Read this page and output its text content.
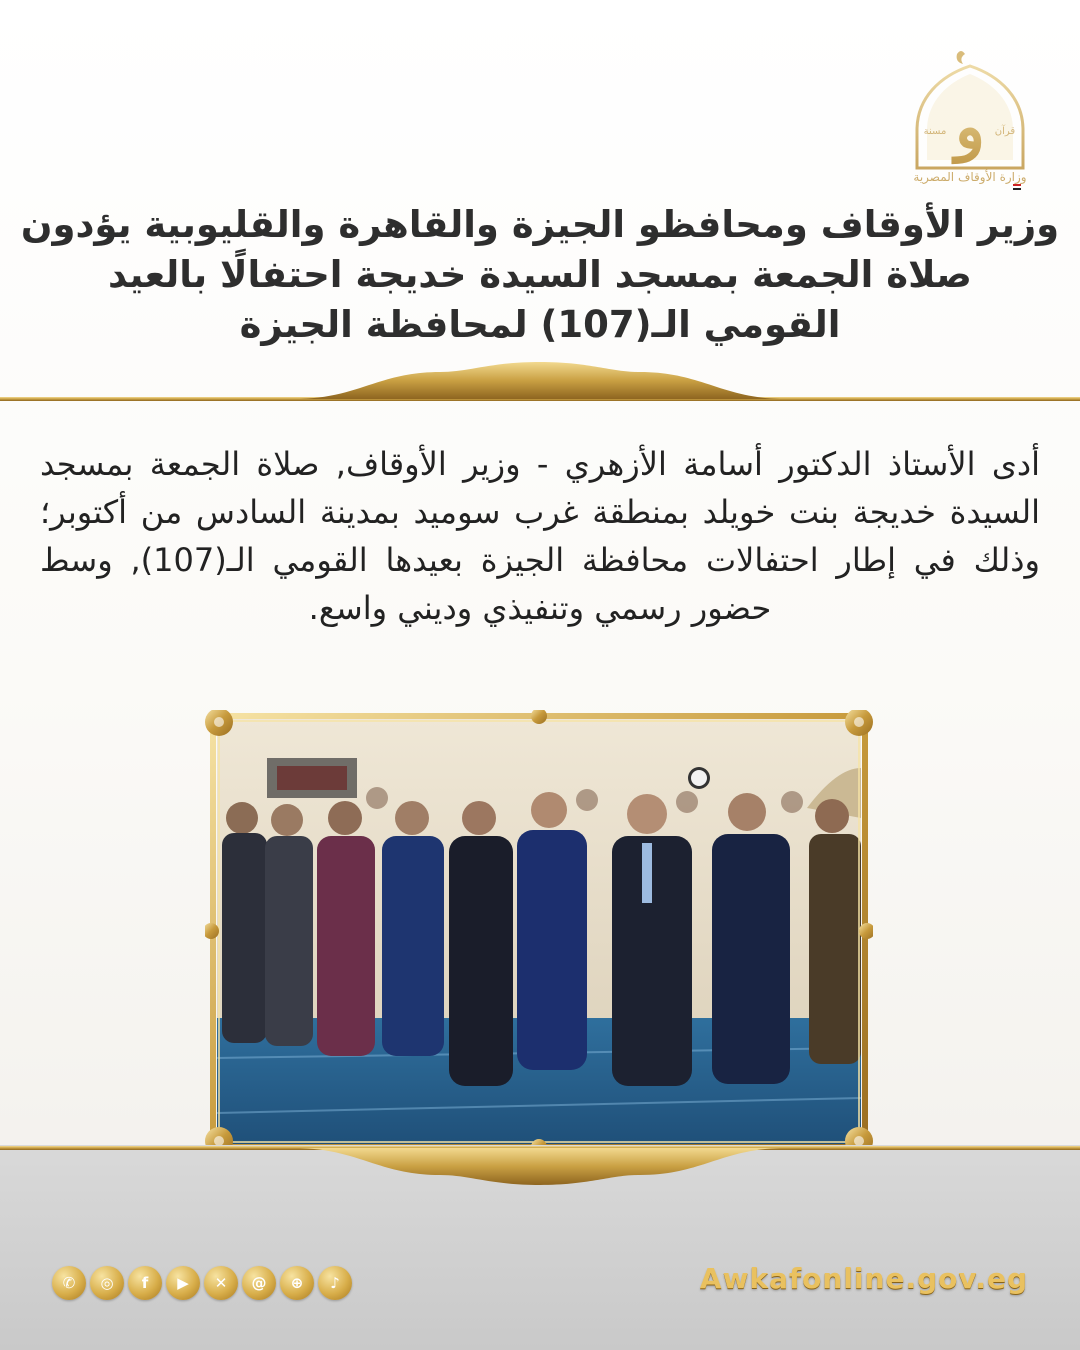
و
مسنة	قرآن
وزارة الأوقاف المصرية
وزير الأوقاف ومحافظو الجيزة والقاهرة والقليوبية يؤدون
صلاة الجمعة بمسجد السيدة خديجة احتفالًا بالعيد
القومي الـ(107) لمحافظة الجيزة
أدى الأستاذ الدكتور أسامة الأزهري - وزير الأوقاف, صلاة الجمعة بمسجد السيدة خديجة بنت خويلد بمنطقة غرب سوميد بمدينة السادس من أكتوبر؛ وذلك في إطار احتفالات محافظة الجيزة بعيدها القومي الـ(107), وسط حضور رسمي وتنفيذي وديني واسع.
✆	◎	f	▶	✕	@	⊕	♪	Awkafonline.gov.eg
